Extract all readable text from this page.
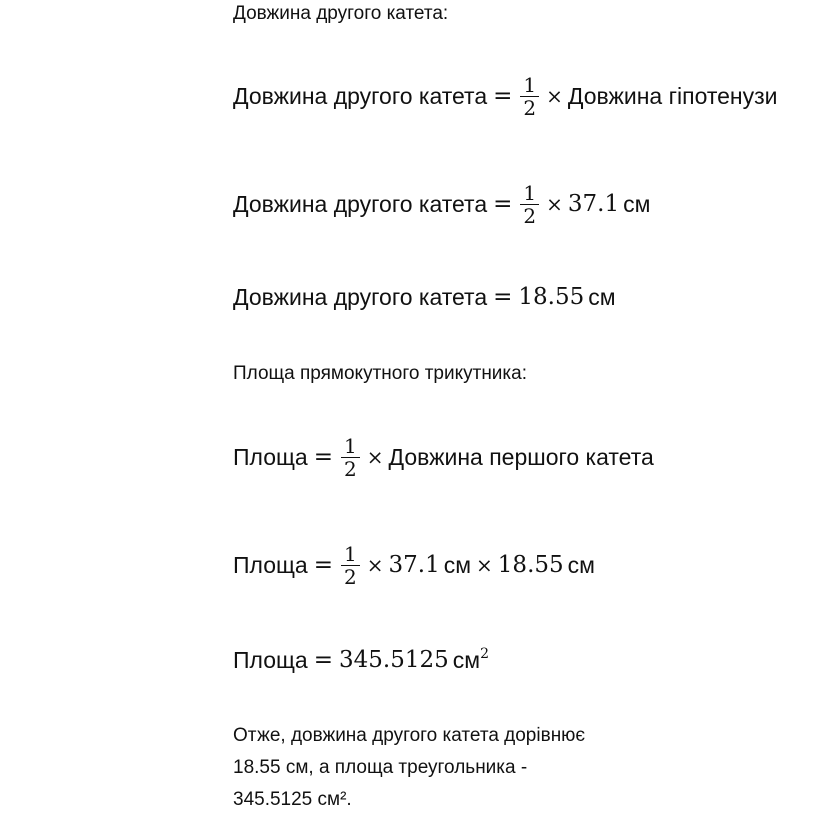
Довжина другого катета:

Довжина другого катета = $\frac{1}{2}$ × Довжина гіпотенузи
Довжина другого катета = $\frac{1}{2} \times 37.1$ см
Довжина другого катета = 18.55 см

Площа прямокутного трикутника:

Площа = $\frac{1}{2}$ × Довжина першого катета
Площа = $\frac{1}{2} \times 37.1$ см × 18.55 см
Площа = 345.5125 $см^2$

Отже, довжина другого катета дорівнює

18.55 см, а площа треугольника -

345.5125 см².
